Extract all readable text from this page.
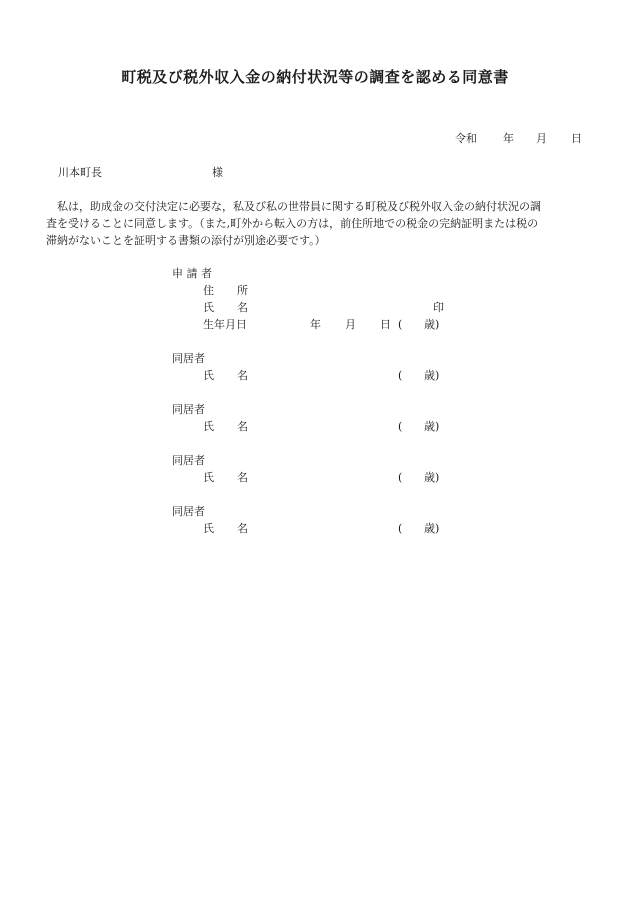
町税及び税外収入金の納付状況等の調査を認める同意書
令和 年 月 日
川本町長	様
　私は，助成金の交付決定に必要な，私及び私の世帯員に関する町税及び税外収入金の納付状況の調
査を受けることに同意します。（また,町外から転入の方は，前住所地での税金の完納証明または税の
滞納がないことを証明する書類の添付が別途必要です。）
申 請 者
住 所
氏 名	印
生年月日	年 月 日 ( 歳)
同居者
氏 名	( 歳)
同居者
氏 名	( 歳)
同居者
氏 名	( 歳)
同居者
氏 名	( 歳)
